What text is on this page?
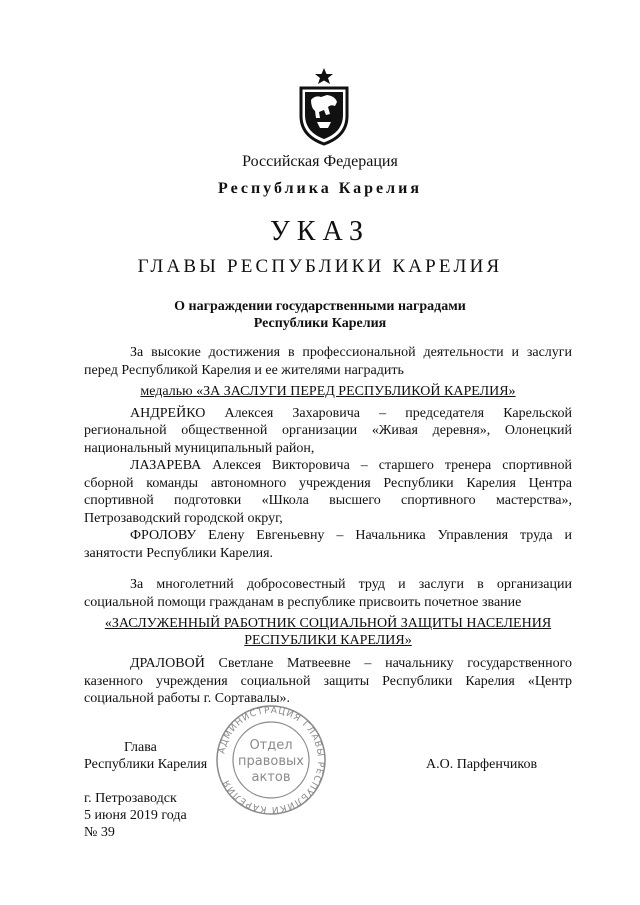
Российская Федерация
Республика Карелия
УКАЗ
ГЛАВЫ РЕСПУБЛИКИ КАРЕЛИЯ
О награждении государственными наградами
Республики Карелия

За высокие достижения в профессиональной деятельности и заслуги перед Республикой Карелия и ее жителями наградить

медалью «ЗА ЗАСЛУГИ ПЕРЕД РЕСПУБЛИКОЙ КАРЕЛИЯ»

АНДРЕЙКО Алексея Захаровича – председателя Карельской региональной общественной организации «Живая деревня», Олонецкий национальный муниципальный район,

ЛАЗАРЕВА Алексея Викторовича – старшего тренера спортивной сборной команды автономного учреждения Республики Карелия Центра спортивной подготовки «Школа высшего спортивного мастерства», Петрозаводский городской округ,

ФРОЛОВУ Елену Евгеньевну – Начальника Управления труда и занятости Республики Карелия.

За многолетний добросовестный труд и заслуги в организации социальной помощи гражданам в республике присвоить почетное звание

«ЗАСЛУЖЕННЫЙ РАБОТНИК СОЦИАЛЬНОЙ ЗАЩИТЫ НАСЕЛЕНИЯ
РЕСПУБЛИКИ КАРЕЛИЯ»

ДРАЛОВОЙ Светлане Матвеевне – начальнику государственного казенного учреждения социальной защиты Республики Карелия «Центр социальной работы г. Сортавалы».

АДМИНИСТРАЦИЯ ГЛАВЫ РЕСПУБЛИКИ КАРЕЛИЯ
Отдел
правовых
актов
Глава
Республики Карелия	А.О. Парфенчиков
г. Петрозаводск
5 июня 2019 года
№ 39
